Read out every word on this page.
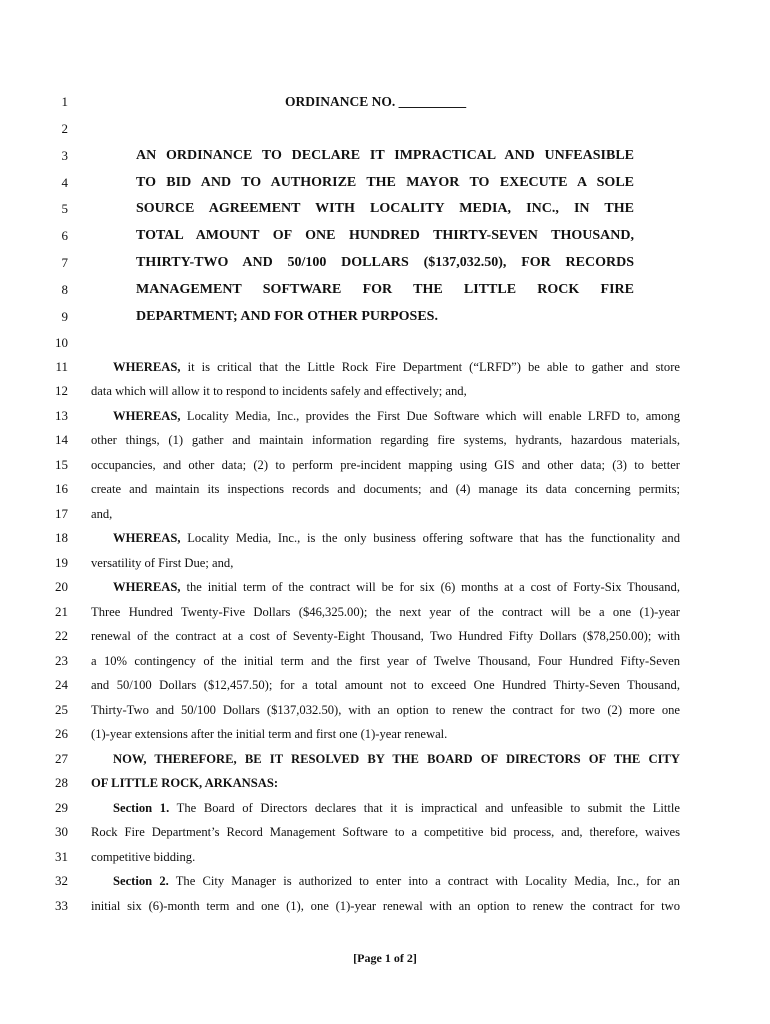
1
2
3
4
5
6
7
8
9
10
11
12
13
14
15
16
17
18
19
20
21
22
23
24
25
26
27
28
29
30
31
32
33
ORDINANCE NO. __________
AN ORDINANCE TO DECLARE IT IMPRACTICAL AND UNFEASIBLE
TO BID AND TO AUTHORIZE THE MAYOR TO EXECUTE A SOLE
SOURCE AGREEMENT WITH LOCALITY MEDIA, INC., IN THE
TOTAL AMOUNT OF ONE HUNDRED THIRTY-SEVEN THOUSAND,
THIRTY-TWO AND 50/100 DOLLARS ($137,032.50), FOR RECORDS
MANAGEMENT SOFTWARE FOR THE LITTLE ROCK FIRE
DEPARTMENT; AND FOR OTHER PURPOSES.
WHEREAS, it is critical that the Little Rock Fire Department (“LRFD”) be able to gather and store
data which will allow it to respond to incidents safely and effectively; and,
WHEREAS, Locality Media, Inc., provides the First Due Software which will enable LRFD to, among
other things, (1) gather and maintain information regarding fire systems, hydrants, hazardous materials,
occupancies, and other data; (2) to perform pre-incident mapping using GIS and other data; (3) to better
create and maintain its inspections records and documents; and (4) manage its data concerning permits;
and,
WHEREAS, Locality Media, Inc., is the only business offering software that has the functionality and
versatility of First Due; and,
WHEREAS, the initial term of the contract will be for six (6) months at a cost of Forty-Six Thousand,
Three Hundred Twenty-Five Dollars ($46,325.00); the next year of the contract will be a one (1)-year
renewal of the contract at a cost of Seventy-Eight Thousand, Two Hundred Fifty Dollars ($78,250.00); with
a 10% contingency of the initial term and the first year of Twelve Thousand, Four Hundred Fifty-Seven
and 50/100 Dollars ($12,457.50); for a total amount not to exceed One Hundred Thirty-Seven Thousand,
Thirty-Two and 50/100 Dollars ($137,032.50), with an option to renew the contract for two (2) more one
(1)-year extensions after the initial term and first one (1)-year renewal.
NOW, THEREFORE, BE IT RESOLVED BY THE BOARD OF DIRECTORS OF THE CITY
OF LITTLE ROCK, ARKANSAS:
Section 1. The Board of Directors declares that it is impractical and unfeasible to submit the Little
Rock Fire Department’s Record Management Software to a competitive bid process, and, therefore, waives
competitive bidding.
Section 2. The City Manager is authorized to enter into a contract with Locality Media, Inc., for an
initial six (6)-month term and one (1), one (1)-year renewal with an option to renew the contract for two
[Page 1 of 2]
